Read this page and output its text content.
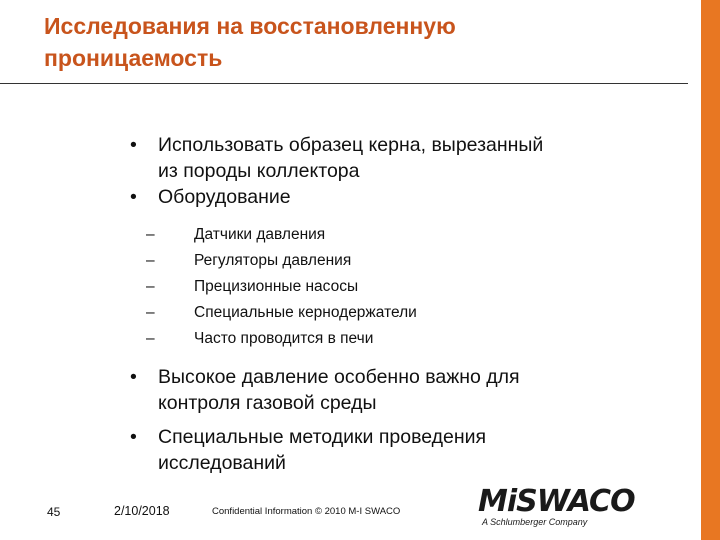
Исследования на восстановленную
проницаемость
• Использовать образец керна, вырезанный
из породы коллектора
• Оборудование
–	Датчики давления
–	Регуляторы давления
–	Прецизионные насосы
–	Специальные кернодержатели
–	Часто проводится в печи
• Высокое давление особенно важно для
контроля газовой среды
• Специальные методики проведения
исследований
45	2/10/2018	Confidential Information © 2010 M-I SWACO	MiSWACO
A Schlumberger Company
